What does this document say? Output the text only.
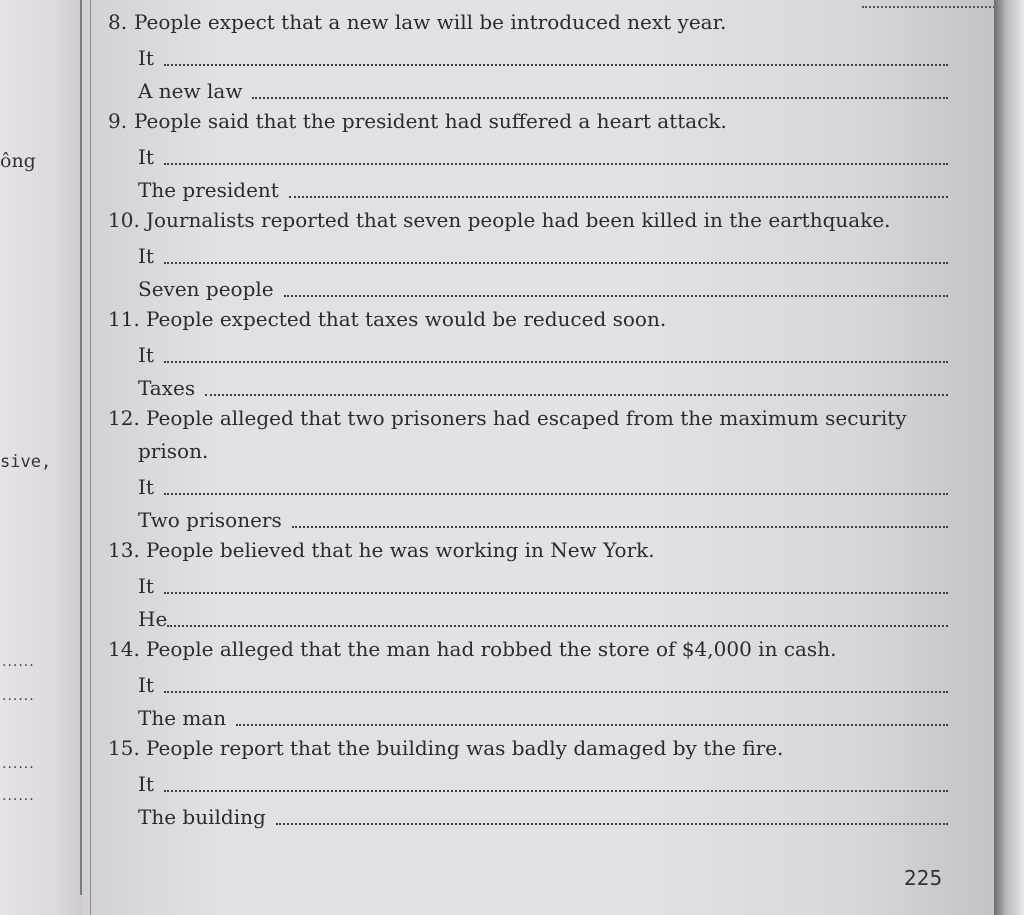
ông
sive,
......
......
......
......
8. People expect that a new law will be introduced next year.
It
A new law
9. People said that the president had suffered a heart attack.
It
The president
10. Journalists reported that seven people had been killed in the earthquake.
It
Seven people
11. People expected that taxes would be reduced soon.
It
Taxes
12. People alleged that two prisoners had escaped from the maximum security
prison.
It
Two prisoners
13. People believed that he was working in New York.
It
He
14. People alleged that the man had robbed the store of $4,000 in cash.
It
The man
15. People report that the building was badly damaged by the fire.
It
The building
225
